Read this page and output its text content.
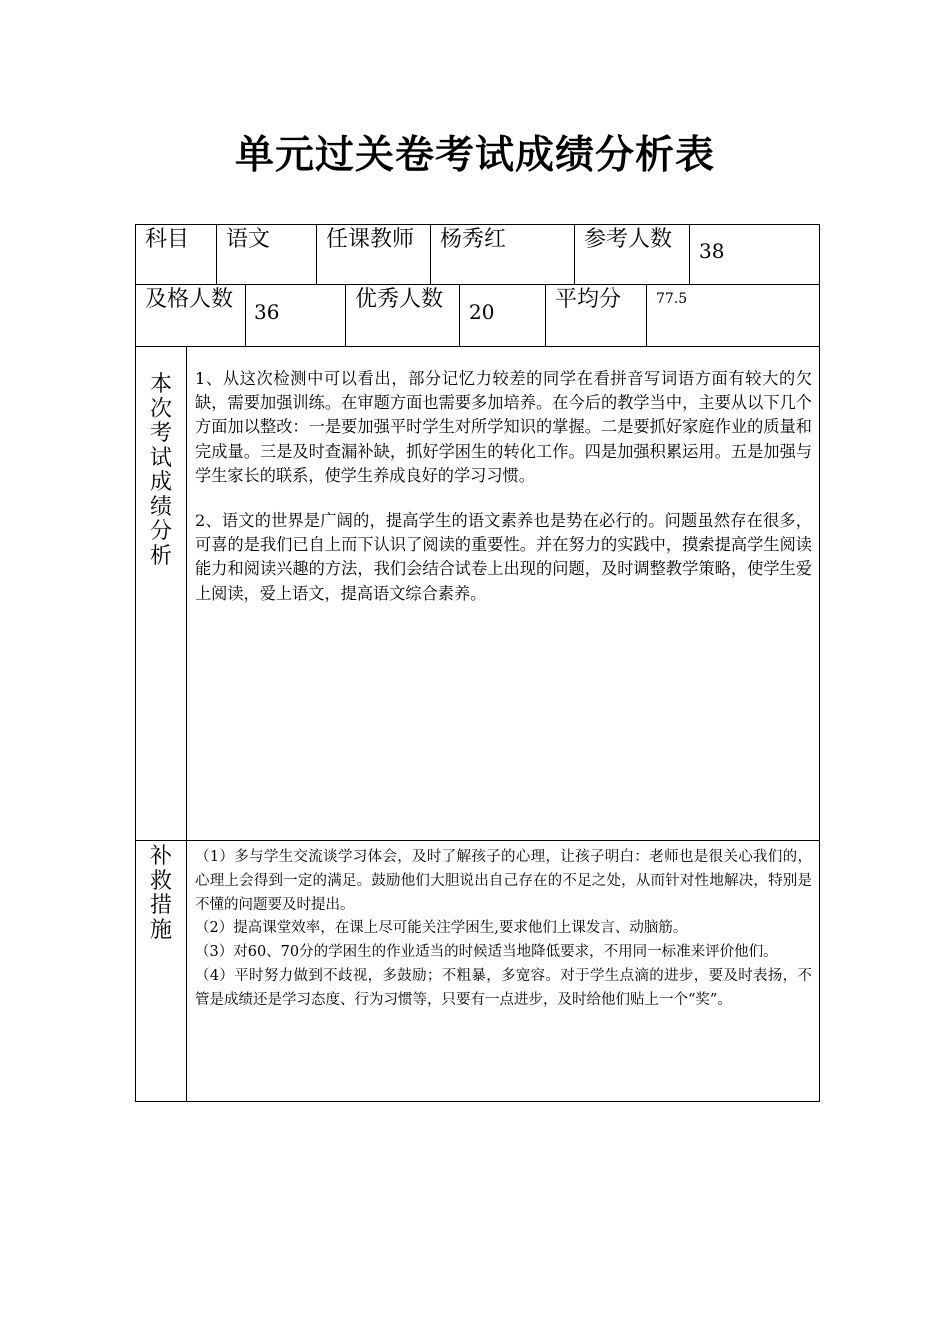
单元过关卷考试成绩分析表
科目 语文	任课教师 杨秀红	参考人数 38
及格人数 36	优秀人数 20	平均分 77.5
本
次
考
试
成
绩
分
析

1、从这次检测中可以看出，部分记忆力较差的同学在看拼音写词语方面有较大的欠缺，需要加强训练。在审题方面也需要多加培养。在今后的教学当中，主要从以下几个方面加以整改：一是要加强平时学生对所学知识的掌握。二是要抓好家庭作业的质量和完成量。三是及时查漏补缺，抓好学困生的转化工作。四是加强积累运用。五是加强与学生家长的联系，使学生养成良好的学习习惯。

2、语文的世界是广阔的，提高学生的语文素养也是势在必行的。问题虽然存在很多，可喜的是我们已自上而下认识了阅读的重要性。并在努力的实践中，摸索提高学生阅读能力和阅读兴趣的方法，我们会结合试卷上出现的问题，及时调整教学策略，使学生爱上阅读，爱上语文，提高语文综合素养。

补
救
措
施

（1）多与学生交流谈学习体会，及时了解孩子的心理，让孩子明白：老师也是很关心我们的，心理上会得到一定的满足。鼓励他们大胆说出自己存在的不足之处，从而针对性地解决，特别是不懂的问题要及时提出。

（2）提高课堂效率，在课上尽可能关注学困生,要求他们上课发言、动脑筋。

（3）对60、70分的学困生的作业适当的时候适当地降低要求，不用同一标准来评价他们。

（4）平时努力做到不歧视，多鼓励；不粗暴，多宽容。对于学生点滴的进步，要及时表扬，不管是成绩还是学习态度、行为习惯等，只要有一点进步，及时给他们贴上一个“奖”。
